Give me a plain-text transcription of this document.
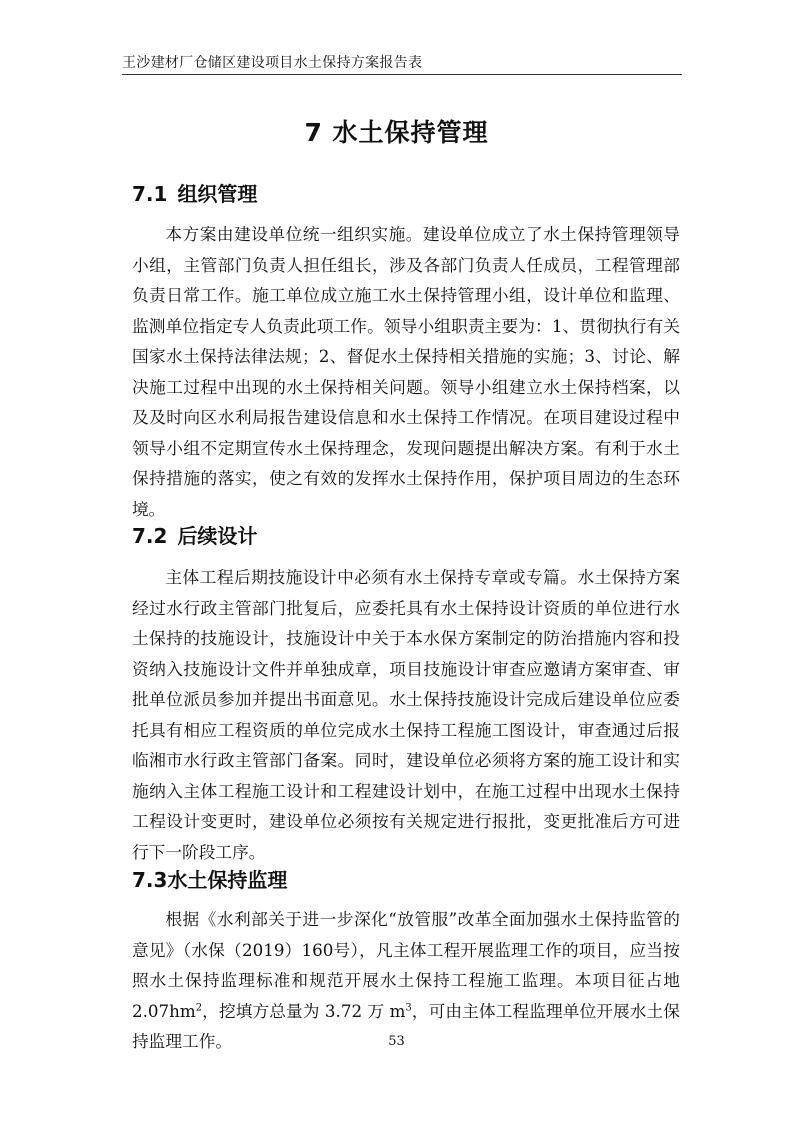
王沙建材厂仓储区建设项目水土保持方案报告表
7 水土保持管理
7.1 组织管理

本方案由建设单位统一组织实施。建设单位成立了水土保持管理领导小组，主管部门负责人担任组长，涉及各部门负责人任成员，工程管理部负责日常工作。施工单位成立施工水土保持管理小组，设计单位和监理、监测单位指定专人负责此项工作。领导小组职责主要为：1、贯彻执行有关国家水土保持法律法规；2、督促水土保持相关措施的实施；3、讨论、解决施工过程中出现的水土保持相关问题。领导小组建立水土保持档案，以及及时向区水利局报告建设信息和水土保持工作情况。在项目建设过程中领导小组不定期宣传水土保持理念，发现问题提出解决方案。有利于水土保持措施的落实，使之有效的发挥水土保持作用，保护项目周边的生态环境。

7.2 后续设计

主体工程后期技施设计中必须有水土保持专章或专篇。水土保持方案经过水行政主管部门批复后，应委托具有水土保持设计资质的单位进行水土保持的技施设计，技施设计中关于本水保方案制定的防治措施内容和投资纳入技施设计文件并单独成章，项目技施设计审查应邀请方案审查、审批单位派员参加并提出书面意见。水土保持技施设计完成后建设单位应委托具有相应工程资质的单位完成水土保持工程施工图设计，审查通过后报临湘市水行政主管部门备案。同时，建设单位必须将方案的施工设计和实施纳入主体工程施工设计和工程建设计划中，在施工过程中出现水土保持工程设计变更时，建设单位必须按有关规定进行报批，变更批准后方可进行下一阶段工序。

7.3水土保持监理

根据《水利部关于进一步深化“放管服”改革全面加强水土保持监管的意见》（水保（2019）160号），凡主体工程开展监理工作的项目，应当按照水土保持监理标准和规范开展水土保持工程施工监理。本项目征占地 $2.07hm^2$，挖填方总量为 3.72 万 $m^3$，可由主体工程监理单位开展水土保持监理工作。	53
